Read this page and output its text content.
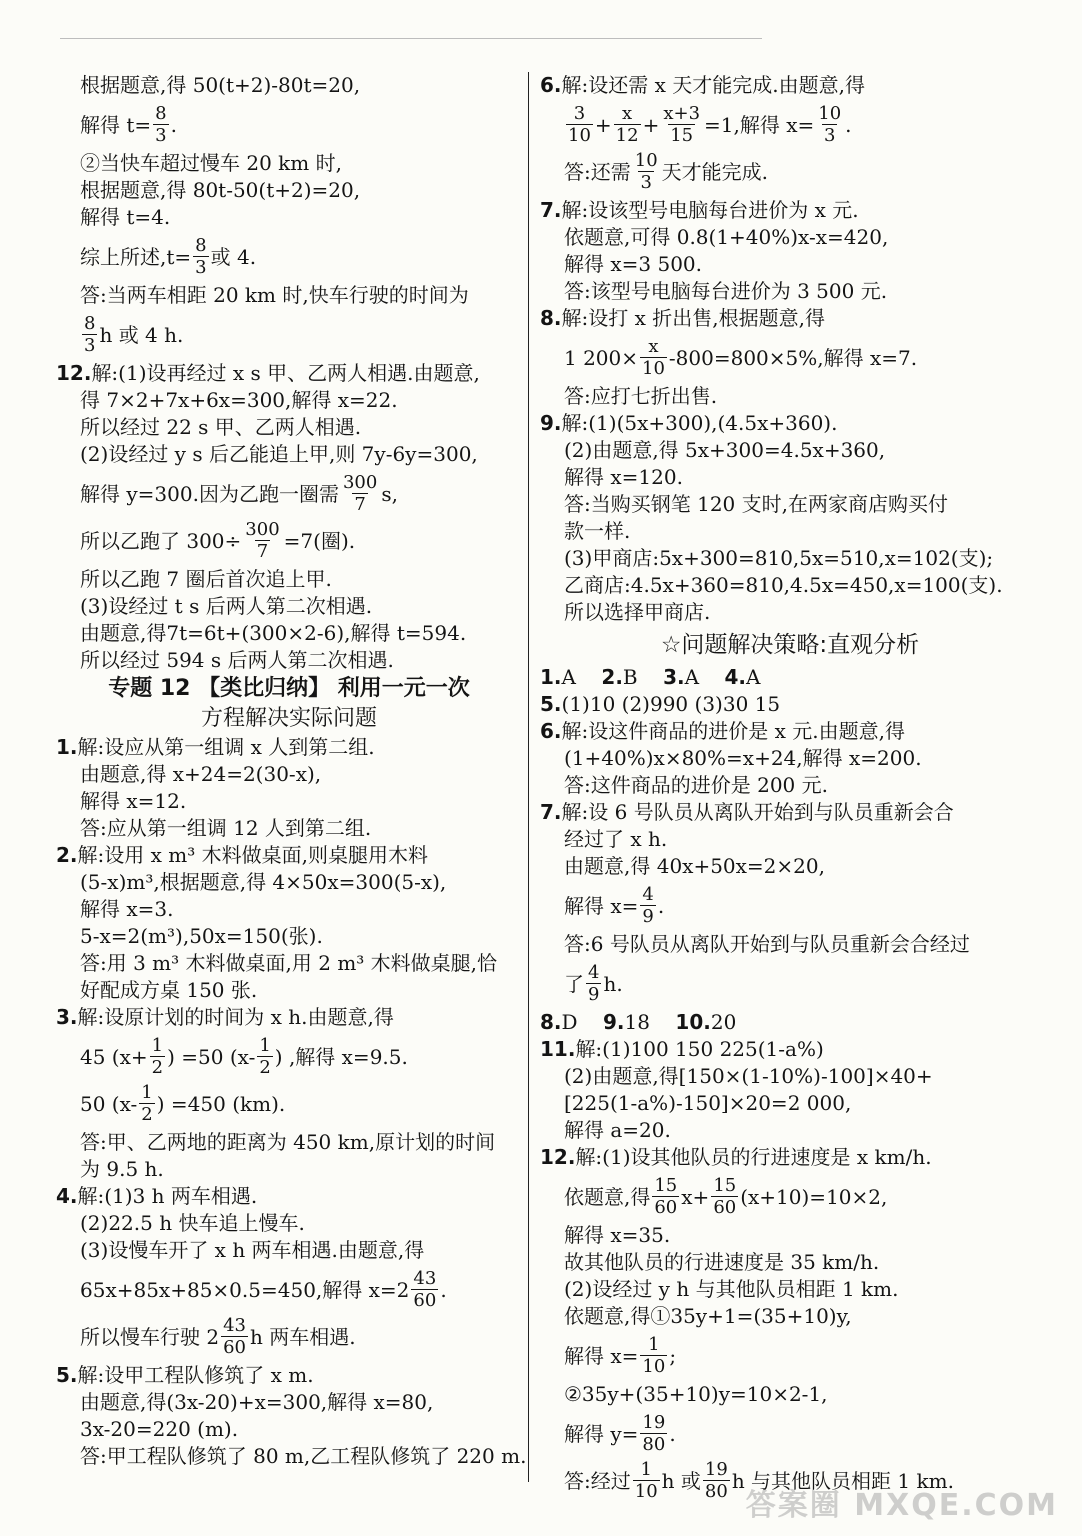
根据题意,得 50(t+2)-80t=20,
解得 $t= \frac{8}{3}$ .
②当快车超过慢车 20 km 时,
根据题意,得 80t-50(t+2)=20,
解得 t=4.
综上所述$,t= \frac{8}{3}$ 或 4.
答:当两车相距 20 km 时,快车行驶的时间为
$\frac{8}{3}$ h 或 4 h.
12.解:(1)设再经过 x s 甲、乙两人相遇.由题意,
得 7×2+7x+6x=300,解得 x=22.
所以经过 22 s 甲、乙两人相遇.
(2)设经过 y s 后乙能追上甲,则 7y-6y=300,
解得 y=300.因为乙跑一圈需 $\frac{300}{7} s$,
所以乙跑了 $300\div \frac{300}{7} =7$(圈).
所以乙跑 7 圈后首次追上甲.
(3)设经过 t s 后两人第二次相遇.
由题意,得7t=6t+(300×2-6),解得 t=594.
所以经过 594 s 后两人第二次相遇.
专题 12 【类比归纳】 利用一元一次
方程解决实际问题
1.解:设应从第一组调 x 人到第二组.
由题意,得 x+24=2(30-x),
解得 x=12.
答:应从第一组调 12 人到第二组.
2.解:设用 x m³ 木料做桌面,则桌腿用木料
(5-x)m³,根据题意,得 4×50x=300(5-x),
解得 x=3.
5-x=2(m³),50x=150(张).
答:用 3 m³ 木料做桌面,用 2 m³ 木料做桌腿,恰
好配成方桌 150 张.
3.解:设原计划的时间为 x h.由题意,得
45 ($x+ \frac{1}{2}$ ) =50 ($x- \frac{1}{2}$ ) ,解得 x=9.5.
50 ($x- \frac{1}{2}$ ) =450 (km).
答:甲、乙两地的距离为 450 km,原计划的时间
为 9.5 h.
4.解:(1)3 h 两车相遇.
(2)22.5 h 快车追上慢车.
(3)设慢车开了 x h 两车相遇.由题意,得
65x+85x+85×0.5=450,解得 $x=2 \frac{43}{60}$ .
所以慢车行驶 $2 \frac{43}{60}$ h 两车相遇.
5.解:设甲工程队修筑了 x m.
由题意,得(3x-20)+x=300,解得 x=80,
3x-20=220 (m).
答:甲工程队修筑了 80 m,乙工程队修筑了 220 m.
6.解:设还需 x 天才能完成.由题意,得
$\frac{3}{10} + \frac{x}{12} + \frac{x+3}{15} =1$,解得 $x= \frac{10}{3}$ .
答:还需 $\frac{10}{3}$ 天才能完成.
7.解:设该型号电脑每台进价为 x 元.
依题意,可得 0.8(1+40%)x-x=420,
解得 x=3 500.
答:该型号电脑每台进价为 3 500 元.
8.解:设打 x 折出售,根据题意,得
1 $200\times \frac{x}{10} -800=800\times 5\%$,解得 x=7.
答:应打七折出售.
9.解:(1)(5x+300),(4.5x+360).
(2)由题意,得 5x+300=4.5x+360,
解得 x=120.
答:当购买钢笔 120 支时,在两家商店购买付
款一样.
(3)甲商店:5x+300=810,5x=510,x=102(支);
乙商店:4.5x+360=810,4.5x=450,x=100(支).
所以选择甲商店.
☆问题解决策略:直观分析
1.A 2.B 3.A 4.A
5.(1)10 (2)990 (3)30 15
6.解:设这件商品的进价是 x 元.由题意,得
(1+40%)x×80%=x+24,解得 x=200.
答:这件商品的进价是 200 元.
7.解:设 6 号队员从离队开始到与队员重新会合
经过了 x h.
由题意,得 40x+50x=2×20,
解得 $x= \frac{4}{9}$ .
答:6 号队员从离队开始到与队员重新会合经过
了 $\frac{4}{9} h$.
8.D 9.18 10.20
11.解:(1)100 150 225(1-a%)
(2)由题意,得[150×(1-10%)-100]×40+
[225(1-a%)-150]×20=2 000,
解得 a=20.
12.解:(1)设其他队员的行进速度是 x km/h.
依题意,得 $\frac{15}{60} x+ \frac{15}{60} (x+10)=10\times 2$,
解得 x=35.
故其他队员的行进速度是 35 km/h.
(2)设经过 y h 与其他队员相距 1 km.
依题意,得①35y+1=(35+10)y,
解得 $x= \frac{1}{10}$ ;
②35y+(35+10)y=10×2-1,
解得 $y= \frac{19}{80}$ .
答:经过 $\frac{1}{10}$ h 或 $\frac{19}{80}$ h 与其他队员相距 1 km.
答案圈 MXQE.COM
